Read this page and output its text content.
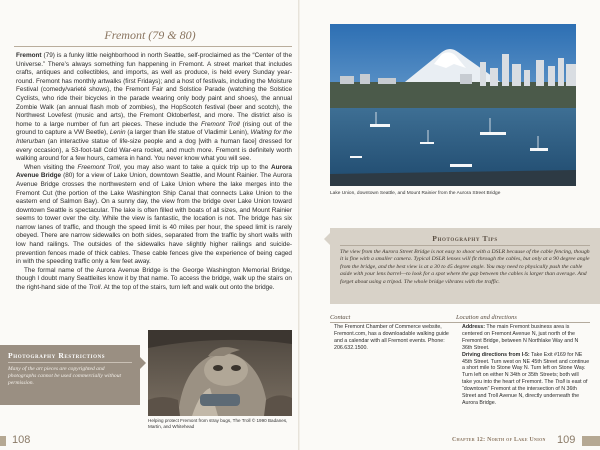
Fremont (79 & 80)

Fremont (79) is a funky little neighborhood in north Seattle, self-proclaimed as the “Center of the Universe.” There’s always something fun happening in Fremont. A street market that includes crafts, antiques and collectibles, and imports, as well as produce, is held every Sunday year-round. Fremont has monthly artwalks (first Fridays); and a host of festivals, including the Moisture Festival (comedy/varieté shows), the Fremont Fair and Solstice Parade (watching the Solstice Cyclists, who ride their bicycles in the parade wearing only body paint and shoes), the annual Zombie Walk (an annual flash mob of zombies), the HopScotch festival (beer and scotch), the Northwest Lovefest (music and arts), the Fremont Oktoberfest, and more. The district also is home to a large number of fun art pieces. These include the Fremont Troll (rising out of the ground to capture a VW Beetle), Lenin (a larger than life statue of Vladimir Lenin), Waiting for the Interurban (an interactive statue of life-size people and a dog [with a human face] dressed for every occasion), a 53-foot-tall Cold War-era rocket, and much more. Fremont is definitely worth walking around for a few hours, camera in hand. You never know what you will see.

When visiting the Freemont Troll, you may also want to take a quick trip up to the Aurora Avenue Bridge (80) for a view of Lake Union, downtown Seattle, and Mount Rainier. The Aurora Avenue Bridge crosses the northwestern end of Lake Union where the lake merges into the Fremont Cut (the portion of the Lake Washington Ship Canal that connects Lake Union to the eastern end of Salmon Bay). On a sunny day, the view from the bridge over Lake Union toward downtown Seattle is spectacular. The lake is often filled with boats of all sizes, and Mount Rainier seems to tower over the city. While the view is fantastic, the location is not. The bridge has six narrow lanes of traffic, and though the speed limit is 40 miles per hour, the speed limit is rarely obeyed. There are narrow sidewalks on both sides, separated from the traffic by short walls with low hand railings. The outsides of the sidewalks have slightly higher railings and suicide-prevention fences made of thick cables. These cable fences give the experience of being caged in with the speeding traffic only a few feet away.

The formal name of the Aurora Avenue Bridge is the George Washington Memorial Bridge, though I doubt many Seattleites know it by that name. To access the bridge, walk up the stairs on the right-hand side of the Troll. At the top of the stairs, turn left and walk out onto the bridge.

Photography Restrictions
Many of the art pieces are copyrighted and photographs cannot be used commercially without permission.
Helping protect Fremont from stray bugs, The Troll © 1990 Badanes, Martin, and Whitehead
108
Lake Union, downtown Seattle, and Mount Rainier from the Aurora Street Bridge
Photography Tips
The view from the Aurora Street Bridge is not easy to shoot with a DSLR because of the cable fencing, though it is fine with a smaller camera. Typical DSLR lenses will fit through the cables, but only at a 90 degree angle from the bridge, and the best view is at a 30 to 45 degree angle. You may need to physically push the cable aside with your lens barrel—to look for a spot where the gap between the cables is larger than average. And forget about using a tripod. The whole bridge vibrates with the traffic.
Contact
The Fremont Chamber of Commerce website, Fremont.com, has a downloadable walking guide and a calendar with all Fremont events. Phone: 206.632.1500.
Location and directions
Address: The main Fremont business area is centered on Fremont Avenue N, just north of the Fremont Bridge, between N Northlake Way and N 36th Street.
Driving directions from I-5: Take Exit #169 for NE 45th Street. Turn west on NE 45th Street and continue a short mile to Stone Way N. Turn left on Stone Way. Turn left on either N 34th or 35th Streets; both will take you into the heart of Fremont. The Troll is east of “downtown” Fremont at the intersection of N 36th Street and Troll Avenue N, directly underneath the Aurora Bridge.
Chapter 12: North of Lake Union 109
